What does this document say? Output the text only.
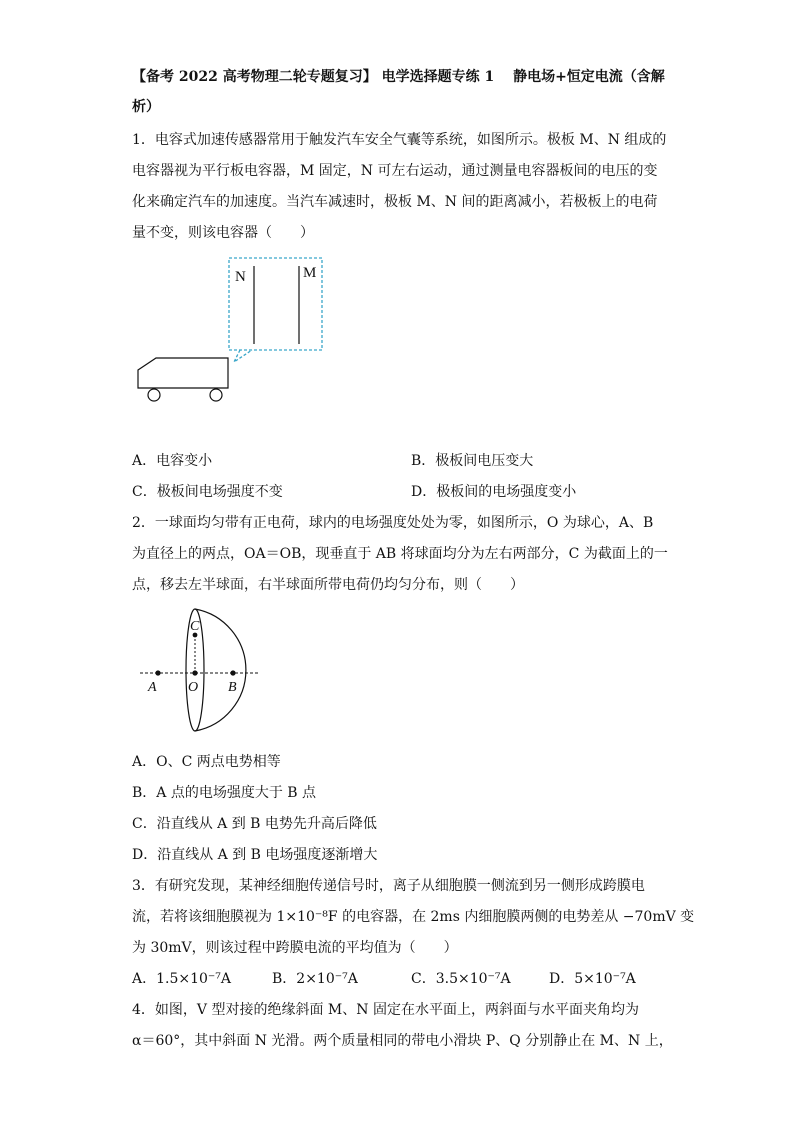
【备考 2022 高考物理二轮专题复习】 电学选择题专练 1　 静电场+恒定电流（含解
析）
1．电容式加速传感器常用于触发汽车安全气囊等系统，如图所示。极板 M、N 组成的
电容器视为平行板电容器，M 固定，N 可左右运动，通过测量电容器板间的电压的变
化来确定汽车的加速度。当汽车减速时，极板 M、N 间的距离减小，若极板上的电荷
量不变，则该电容器（　　）
N	M
A．电容变小	B．极板间电压变大
C．极板间电场强度不变	D．极板间的电场强度变小
2．一球面均匀带有正电荷，球内的电场强度处处为零，如图所示，O 为球心，A、B
为直径上的两点，OA＝OB，现垂直于 AB 将球面均分为左右两部分，C 为截面上的一
点，移去左半球面，右半球面所带电荷仍均匀分布，则（　　）
A O B
C
A．O、C 两点电势相等
B．A 点的电场强度大于 B 点
C．沿直线从 A 到 B 电势先升高后降低
D．沿直线从 A 到 B 电场强度逐渐增大
3．有研究发现，某神经细胞传递信号时，离子从细胞膜一侧流到另一侧形成跨膜电
流，若将该细胞膜视为 1×10⁻⁸F 的电容器，在 2ms 内细胞膜两侧的电势差从 −70mV 变
为 30mV，则该过程中跨膜电流的平均值为（　　）
A．1.5×10⁻⁷A	B．2×10⁻⁷A	C．3.5×10⁻⁷A	D．5×10⁻⁷A
4．如图，V 型对接的绝缘斜面 M、N 固定在水平面上，两斜面与水平面夹角均为
α＝60°，其中斜面 N 光滑。两个质量相同的带电小滑块 P、Q 分别静止在 M、N 上，
